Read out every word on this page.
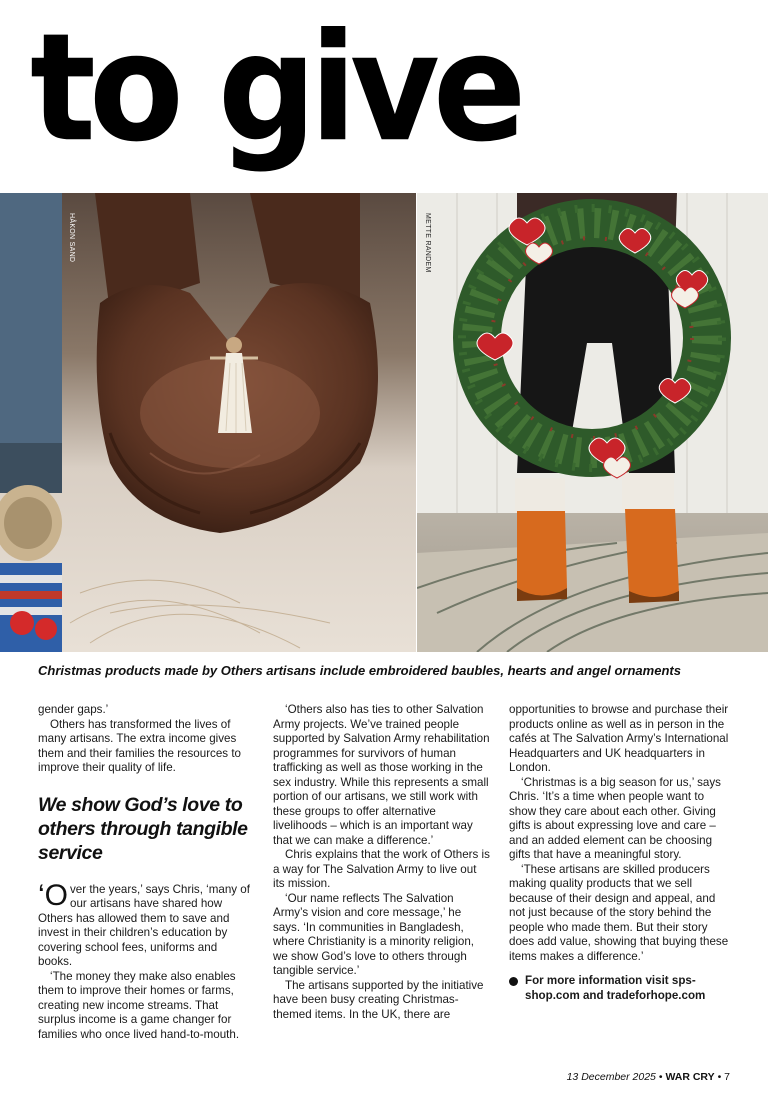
to give
HÅKON SAND	METTE RANDEM
Christmas products made by Others artisans include embroidered baubles, hearts and angel ornaments

gender gaps.’

Others has transformed the lives of many artisans. The extra income gives them and their families the resources to improve their quality of life.

We show God’s love to others through tangible service

‘Over the years,’ says Chris, ‘many of our artisans have shared how Others has allowed them to save and invest in their children’s education by covering school fees, uniforms and books.

‘The money they make also enables them to improve their homes or farms, creating new income streams. That surplus income is a game changer for families who once lived hand-to-mouth.

‘Others also has ties to other Salvation Army projects. We’ve trained people supported by Salvation Army rehabilitation programmes for survivors of human trafficking as well as those working in the sex industry. While this represents a small portion of our artisans, we still work with these groups to offer alternative livelihoods – which is an important way that we can make a difference.’

Chris explains that the work of Others is a way for The Salvation Army to live out its mission.

‘Our name reflects The Salvation Army’s vision and core message,’ he says. ‘In communities in Bangladesh, where Christianity is a minority religion, we show God’s love to others through tangible service.’

The artisans supported by the initiative have been busy creating Christmas-themed items. In the UK, there are

opportunities to browse and purchase their products online as well as in person in the cafés at The Salvation Army’s International Headquarters and UK headquarters in London.

‘Christmas is a big season for us,’ says Chris. ‘It’s a time when people want to show they care about each other. Giving gifts is about expressing love and care – and an added element can be choosing gifts that have a meaningful story.

‘These artisans are skilled producers making quality products that we sell because of their design and appeal, and not just because of the story behind the people who made them. But their story does add value, showing that buying these items makes a difference.’

For more information visit sps-shop.com and tradeforhope.com
13 December 2025 • WAR CRY • 7
